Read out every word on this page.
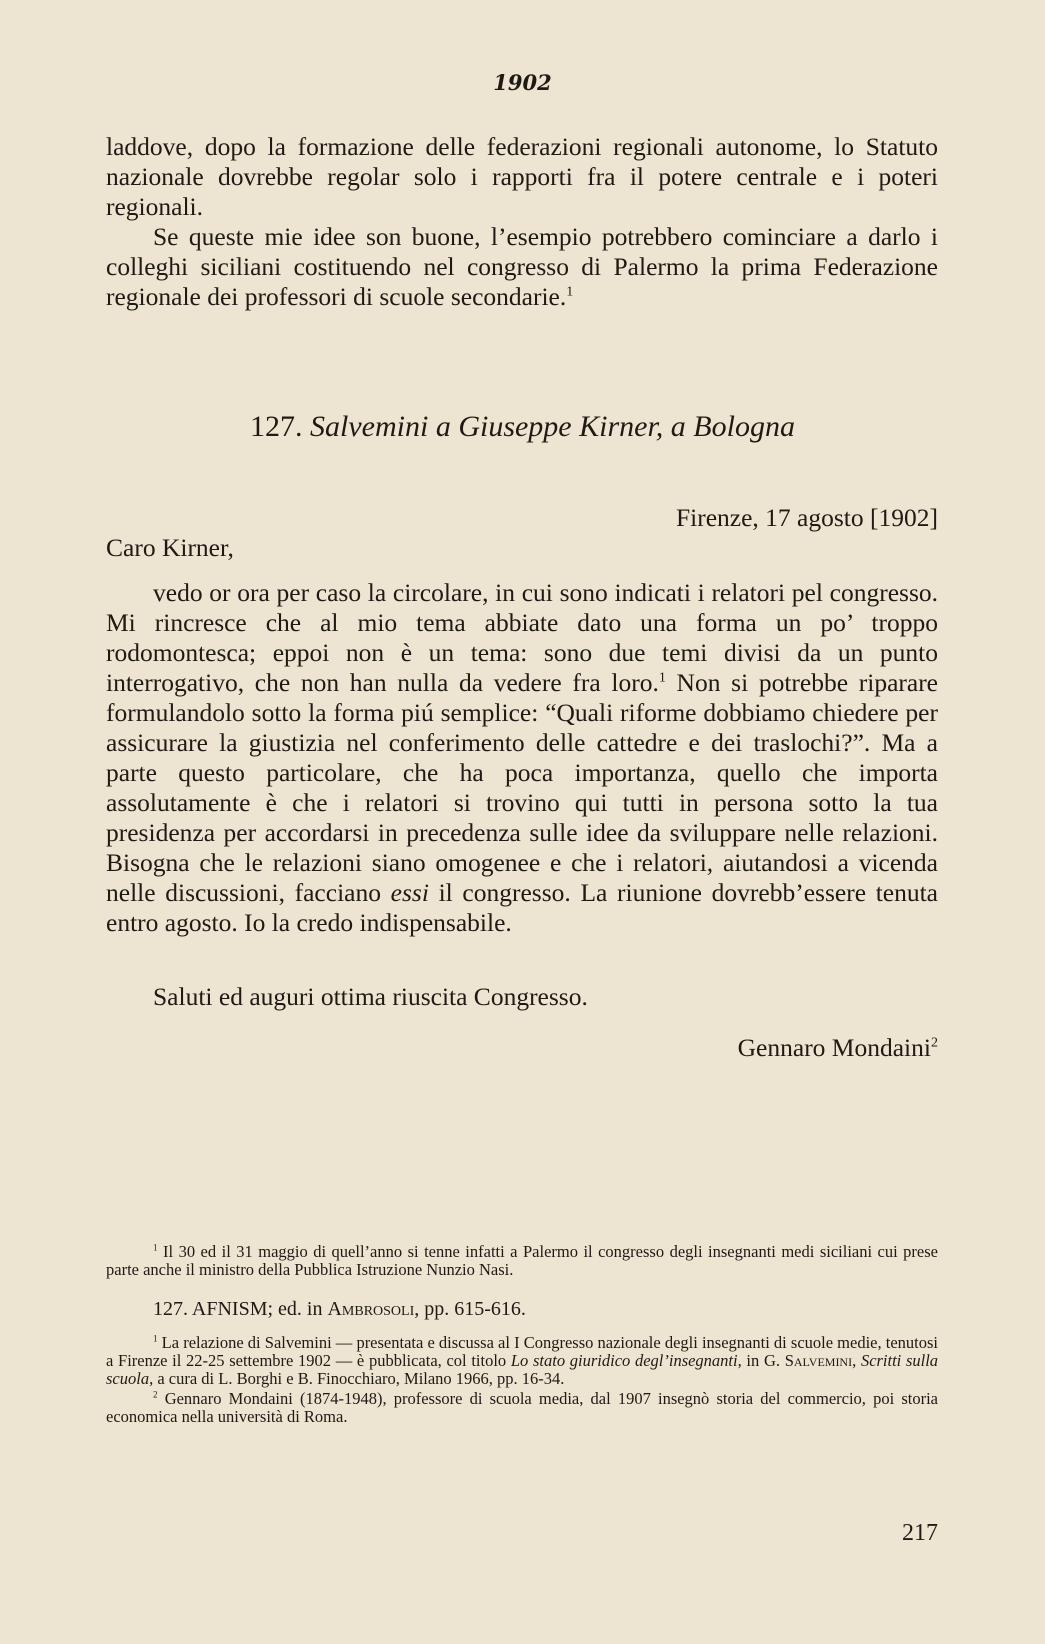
1902

laddove, dopo la formazione delle federazioni regionali autonome, lo Statuto nazionale dovrebbe regolar solo i rapporti fra il potere centrale e i poteri regionali.

Se queste mie idee son buone, l’esempio potrebbero cominciare a darlo i colleghi siciliani costituendo nel congresso di Palermo la prima Federazione regionale dei professori di scuole secondarie.$^1$

127. Salvemini a Giuseppe Kirner, a Bologna
Firenze, 17 agosto [1902]
Caro Kirner,

vedo or ora per caso la circolare, in cui sono indicati i relatori pel congresso. Mi rincresce che al mio tema abbiate dato una forma un po’ troppo rodomontesca; eppoi non è un tema: sono due temi divisi da un punto interrogativo, che non han nulla da vedere fra loro.$^1$ Non si potrebbe riparare formulandolo sotto la forma piú semplice: “Quali riforme dobbiamo chiedere per assicurare la giustizia nel conferimento delle cattedre e dei traslochi?”. Ma a parte questo particolare, che ha poca importanza, quello che importa assolutamente è che i relatori si trovino qui tutti in persona sotto la tua presidenza per accordarsi in precedenza sulle idee da sviluppare nelle relazioni. Bisogna che le relazioni siano omogenee e che i relatori, aiutandosi a vicenda nelle discussioni, facciano essi il congresso. La riunione dovrebb’essere tenuta entro agosto. Io la credo indispensabile.

Saluti ed auguri ottima riuscita Congresso.
Gennaro Mondaini$^2$

$^1$ Il 30 ed il 31 maggio di quell’anno si tenne infatti a Palermo il congresso degli insegnanti medi siciliani cui prese parte anche il ministro della Pubblica Istruzione Nunzio Nasi.

127. AFNISM; ed. in Ambrosoli, pp. 615-616.

$^1$ La relazione di Salvemini — presentata e discussa al I Congresso nazionale degli insegnanti di scuole medie, tenutosi a Firenze il 22-25 settembre 1902 — è pubblicata, col titolo Lo stato giuridico degl’insegnanti, in G. Salvemini, Scritti sulla scuola, a cura di L. Borghi e B. Finocchiaro, Milano 1966, pp. 16-34.

$^2$ Gennaro Mondaini (1874-1948), professore di scuola media, dal 1907 insegnò storia del commercio, poi storia economica nella università di Roma.

217
